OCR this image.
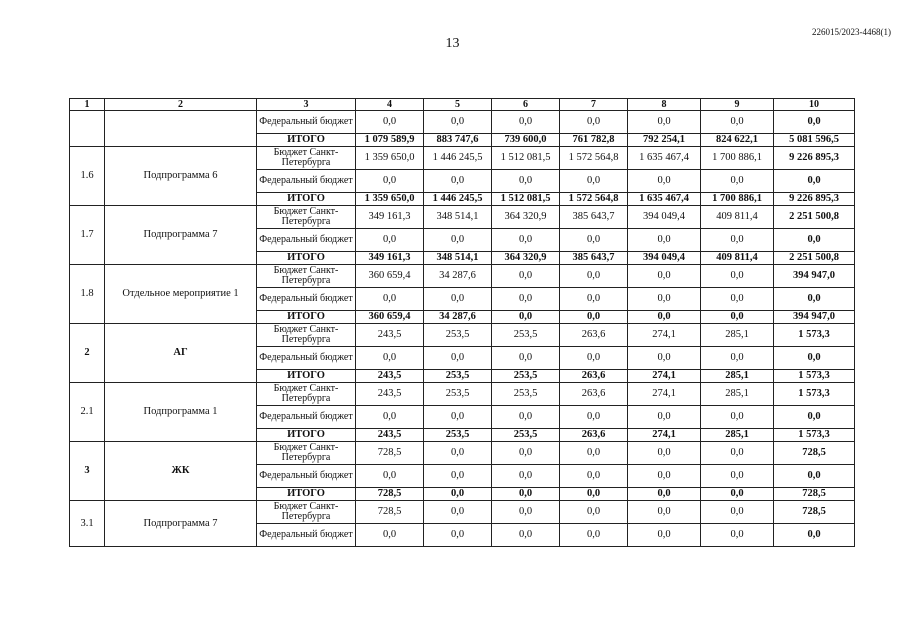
226015/2023-4468(1)
13
1	2	3	4	5	6	7	8	9	10
		Федеральный бюджет	0,0	0,0	0,0	0,0	0,0	0,0	0,0
		ИТОГО	1 079 589,9	883 747,6	739 600,0	761 782,8	792 254,1	824 622,1	5 081 596,5
1.6	Подпрограмма 6	Бюджет Санкт-Петербурга	1 359 650,0	1 446 245,5	1 512 081,5	1 572 564,8	1 635 467,4	1 700 886,1	9 226 895,3
		Федеральный бюджет	0,0	0,0	0,0	0,0	0,0	0,0	0,0
		ИТОГО	1 359 650,0	1 446 245,5	1 512 081,5	1 572 564,8	1 635 467,4	1 700 886,1	9 226 895,3
1.7	Подпрограмма 7	Бюджет Санкт-Петербурга	349 161,3	348 514,1	364 320,9	385 643,7	394 049,4	409 811,4	2 251 500,8
		Федеральный бюджет	0,0	0,0	0,0	0,0	0,0	0,0	0,0
		ИТОГО	349 161,3	348 514,1	364 320,9	385 643,7	394 049,4	409 811,4	2 251 500,8
1.8	Отдельное мероприятие 1	Бюджет Санкт-Петербурга	360 659,4	34 287,6	0,0	0,0	0,0	0,0	394 947,0
		Федеральный бюджет	0,0	0,0	0,0	0,0	0,0	0,0	0,0
		ИТОГО	360 659,4	34 287,6	0,0	0,0	0,0	0,0	394 947,0
2	АГ	Бюджет Санкт-Петербурга	243,5	253,5	253,5	263,6	274,1	285,1	1 573,3
		Федеральный бюджет	0,0	0,0	0,0	0,0	0,0	0,0	0,0
		ИТОГО	243,5	253,5	253,5	263,6	274,1	285,1	1 573,3
2.1	Подпрограмма 1	Бюджет Санкт-Петербурга	243,5	253,5	253,5	263,6	274,1	285,1	1 573,3
		Федеральный бюджет	0,0	0,0	0,0	0,0	0,0	0,0	0,0
		ИТОГО	243,5	253,5	253,5	263,6	274,1	285,1	1 573,3
3	ЖК	Бюджет Санкт-Петербурга	728,5	0,0	0,0	0,0	0,0	0,0	728,5
		Федеральный бюджет	0,0	0,0	0,0	0,0	0,0	0,0	0,0
		ИТОГО	728,5	0,0	0,0	0,0	0,0	0,0	728,5
3.1	Подпрограмма 7	Бюджет Санкт-Петербурга	728,5	0,0	0,0	0,0	0,0	0,0	728,5
		Федеральный бюджет	0,0	0,0	0,0	0,0	0,0	0,0	0,0
